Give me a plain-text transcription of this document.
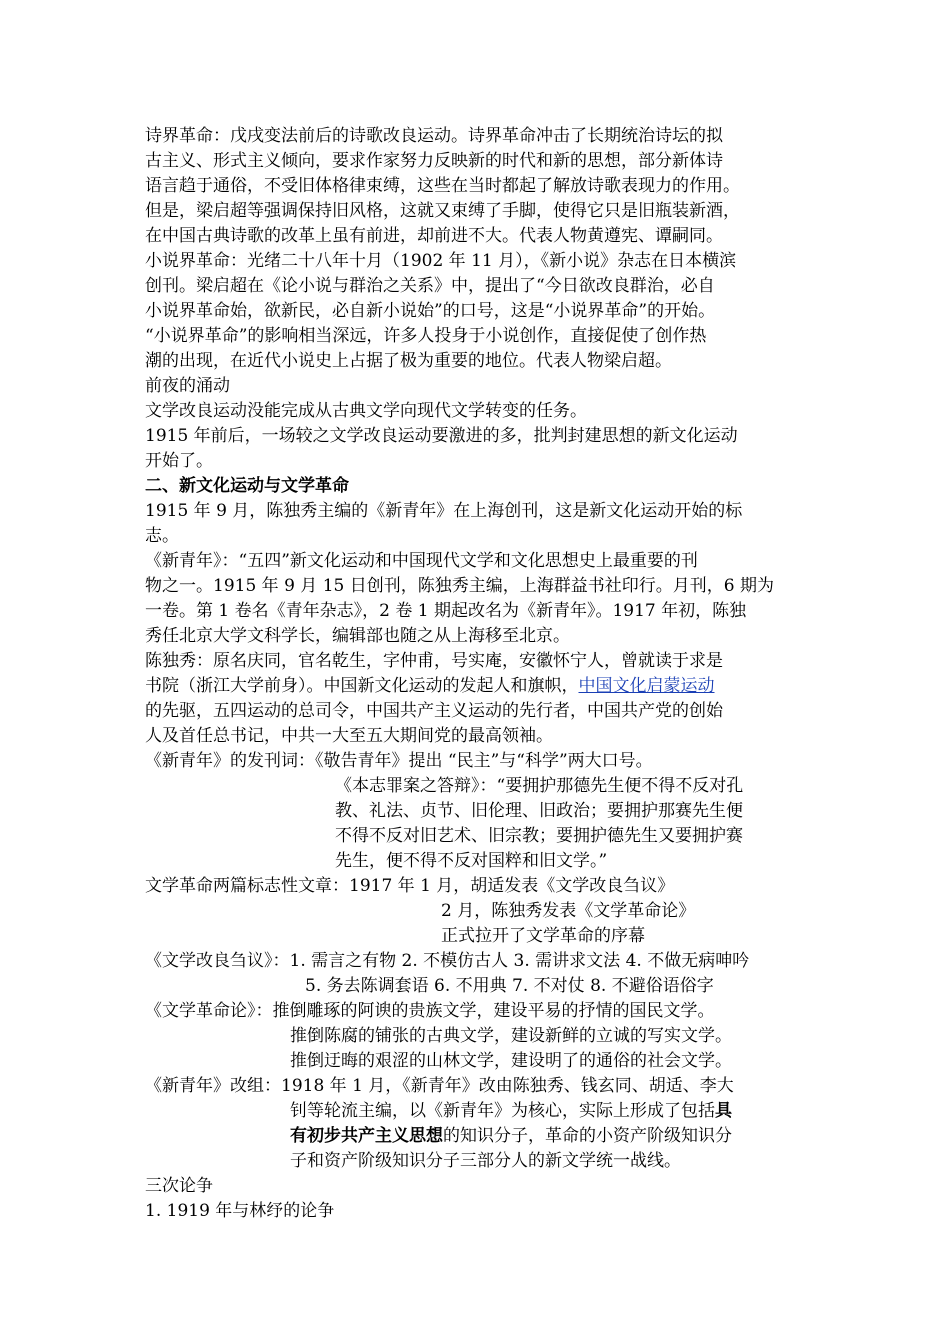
诗界革命：戊戌变法前后的诗歌改良运动。诗界革命冲击了长期统治诗坛的拟

古主义、形式主义倾向，要求作家努力反映新的时代和新的思想，部分新体诗

语言趋于通俗，不受旧体格律束缚，这些在当时都起了解放诗歌表现力的作用。

但是，梁启超等强调保持旧风格，这就又束缚了手脚，使得它只是旧瓶装新酒，

在中国古典诗歌的改革上虽有前进，却前进不大。代表人物黄遵宪、谭嗣同。

小说界革命：光绪二十八年十月（1902 年 11 月），《新小说》杂志在日本横滨

创刊。梁启超在《论小说与群治之关系》中，提出了“今日欲改良群治，必自

小说界革命始，欲新民，必自新小说始”的口号，这是“小说界革命”的开始。

“小说界革命”的影响相当深远，许多人投身于小说创作，直接促使了创作热

潮的出现，在近代小说史上占据了极为重要的地位。代表人物梁启超。

前夜的涌动

文学改良运动没能完成从古典文学向现代文学转变的任务。

1915 年前后，一场较之文学改良运动要激进的多，批判封建思想的新文化运动

开始了。

二、新文化运动与文学革命

1915 年 9 月，陈独秀主编的《新青年》在上海创刊，这是新文化运动开始的标

志。

《新青年》：“五四”新文化运动和中国现代文学和文化思想史上最重要的刊

物之一。1915 年 9 月 15 日创刊，陈独秀主编，上海群益书社印行。月刊，6 期为

一卷。第 1 卷名《青年杂志》，2 卷 1 期起改名为《新青年》。1917 年初，陈独

秀任北京大学文科学长，编辑部也随之从上海移至北京。

陈独秀：原名庆同，官名乾生，字仲甫，号实庵，安徽怀宁人，曾就读于求是

书院（浙江大学前身）。中国新文化运动的发起人和旗帜，中国文化启蒙运动

的先驱，五四运动的总司令，中国共产主义运动的先行者，中国共产党的创始

人及首任总书记，中共一大至五大期间党的最高领袖。

《新青年》的发刊词：《敬告青年》提出 “民主”与“科学”两大口号。

《本志罪案之答辩》：“要拥护那德先生便不得不反对孔

教、礼法、贞节、旧伦理、旧政治；要拥护那赛先生便

不得不反对旧艺术、旧宗教；要拥护德先生又要拥护赛

先生，便不得不反对国粹和旧文学。”

文学革命两篇标志性文章：1917 年 1 月，胡适发表《文学改良刍议》

2 月，陈独秀发表《文学革命论》

正式拉开了文学革命的序幕

《文学改良刍议》：1. 需言之有物 2. 不模仿古人 3. 需讲求文法 4. 不做无病呻吟

5. 务去陈调套语 6. 不用典 7. 不对仗 8. 不避俗语俗字

《文学革命论》：推倒雕琢的阿谀的贵族文学，建设平易的抒情的国民文学。

推倒陈腐的铺张的古典文学，建设新鲜的立诚的写实文学。

推倒迂晦的艰涩的山林文学，建设明了的通俗的社会文学。

《新青年》改组：1918 年 1 月，《新青年》改由陈独秀、钱玄同、胡适、李大

钊等轮流主编，以《新青年》为核心，实际上形成了包括具

有初步共产主义思想的知识分子，革命的小资产阶级知识分

子和资产阶级知识分子三部分人的新文学统一战线。

三次论争

1. 1919 年与林纾的论争
